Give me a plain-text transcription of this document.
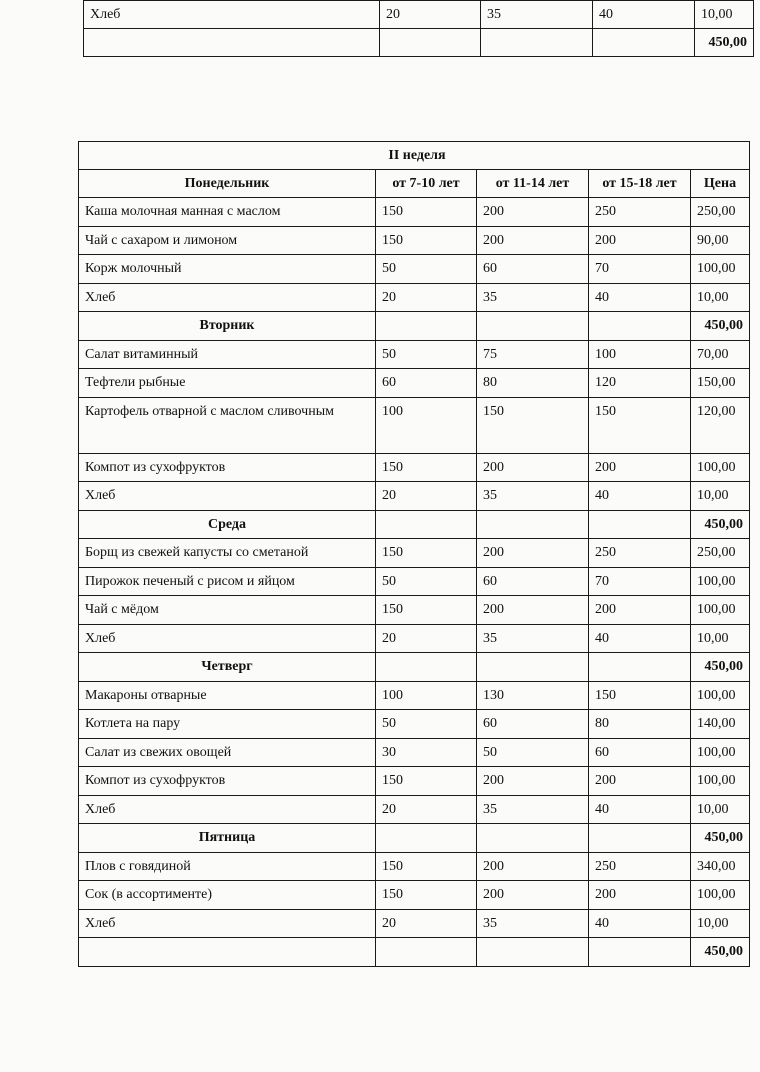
Хлеб	20	35	40	10,00
				450,00
II неделя				
Понедельник	от 7-10 лет	от 11-14 лет	от 15-18 лет	Цена
Каша молочная манная с маслом	150	200	250	250,00
Чай с сахаром и лимоном	150	200	200	90,00
Корж молочный	50	60	70	100,00
Хлеб	20	35	40	10,00
Вторник				450,00
Салат витаминный	50	75	100	70,00
Тефтели рыбные	60	80	120	150,00
Картофель отварной с маслом сливочным	100	150	150	120,00
Компот из сухофруктов	150	200	200	100,00
Хлеб	20	35	40	10,00
Среда				450,00
Борщ из свежей капусты со сметаной	150	200	250	250,00
Пирожок печеный с рисом и яйцом	50	60	70	100,00
Чай с мёдом	150	200	200	100,00
Хлеб	20	35	40	10,00
Четверг				450,00
Макароны отварные	100	130	150	100,00
Котлета на пару	50	60	80	140,00
Салат из свежих овощей	30	50	60	100,00
Компот из сухофруктов	150	200	200	100,00
Хлеб	20	35	40	10,00
Пятница				450,00
Плов с говядиной	150	200	250	340,00
Сок (в ассортименте)	150	200	200	100,00
Хлеб	20	35	40	10,00
				450,00
